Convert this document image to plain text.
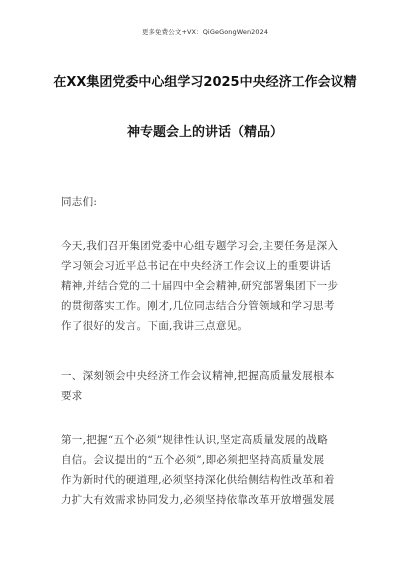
更多免费公文+VX：QiGeGongWen2024
在XX集团党委中心组学习2025中央经济工作会议精
神专题会上的讲话（精品）
同志们:
今天,我们召开集团党委中心组专题学习会,主要任务是深入
学习领会习近平总书记在中央经济工作会议上的重要讲话
精神,并结合党的二十届四中全会精神,研究部署集团下一步
的贯彻落实工作。刚才,几位同志结合分管领域和学习思考
作了很好的发言。下面,我讲三点意见。
一、深刻领会中央经济工作会议精神,把握高质量发展根本
要求
第一,把握“五个必须”规律性认识,坚定高质量发展的战略
自信。会议提出的“五个必须”,即必须把坚持高质量发展
作为新时代的硬道理,必须坚持深化供给侧结构性改革和着
力扩大有效需求协同发力,必须坚持依靠改革开放增强发展
